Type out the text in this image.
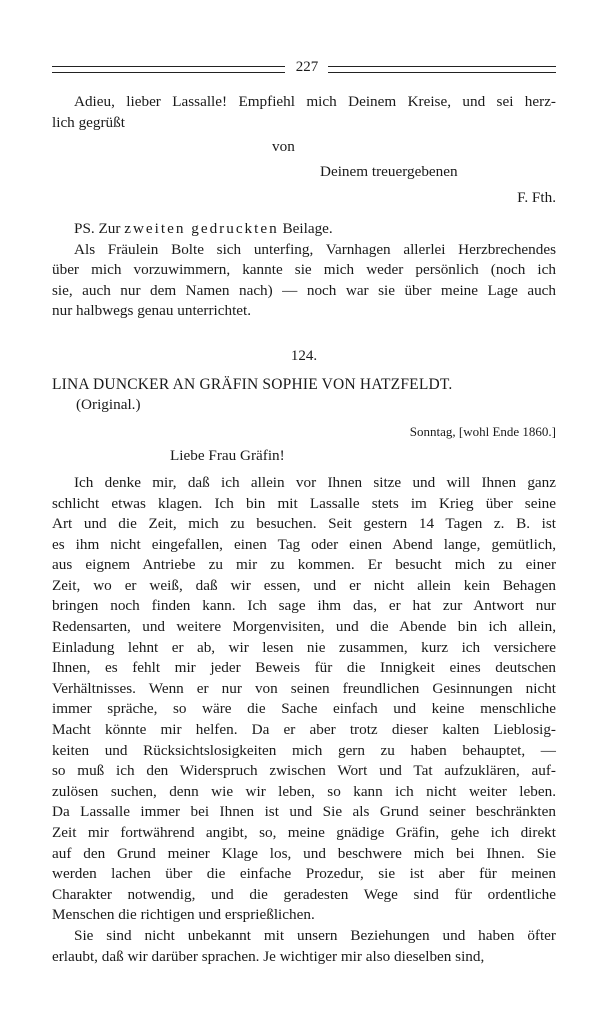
227
Adieu, lieber Lassalle! Empfiehl mich Deinem Kreise, und sei herz-
lich gegrüßt

von

Deinem treuergebenen

F. Fth.

PS. Zur zweiten gedruckten Beilage.
Als Fräulein Bolte sich unterfing, Varnhagen allerlei Herzbrechendes
über mich vorzuwimmern, kannte sie mich weder persönlich (noch ich
sie, auch nur dem Namen nach) — noch war sie über meine Lage auch
nur halbwegs genau unterrichtet.

124.

LINA DUNCKER AN GRÄFIN SOPHIE VON HATZFELDT.

(Original.)

Sonntag, [wohl Ende 1860.]

Liebe Frau Gräfin!

Ich denke mir, daß ich allein vor Ihnen sitze und will Ihnen ganz
schlicht etwas klagen. Ich bin mit Lassalle stets im Krieg über seine
Art und die Zeit, mich zu besuchen. Seit gestern 14 Tagen z. B. ist
es ihm nicht eingefallen, einen Tag oder einen Abend lange, gemütlich,
aus eignem Antriebe zu mir zu kommen. Er besucht mich zu einer
Zeit, wo er weiß, daß wir essen, und er nicht allein kein Behagen
bringen noch finden kann. Ich sage ihm das, er hat zur Antwort nur
Redensarten, und weitere Morgenvisiten, und die Abende bin ich allein,
Einladung lehnt er ab, wir lesen nie zusammen, kurz ich versichere
Ihnen, es fehlt mir jeder Beweis für die Innigkeit eines deutschen
Verhältnisses. Wenn er nur von seinen freundlichen Gesinnungen nicht
immer spräche, so wäre die Sache einfach und keine menschliche
Macht könnte mir helfen. Da er aber trotz dieser kalten Lieblosig-
keiten und Rücksichtslosigkeiten mich gern zu haben behauptet, —
so muß ich den Widerspruch zwischen Wort und Tat aufzuklären, auf-
zulösen suchen, denn wie wir leben, so kann ich nicht weiter leben.
Da Lassalle immer bei Ihnen ist und Sie als Grund seiner beschränkten
Zeit mir fortwährend angibt, so, meine gnädige Gräfin, gehe ich direkt
auf den Grund meiner Klage los, und beschwere mich bei Ihnen. Sie
werden lachen über die einfache Prozedur, sie ist aber für meinen
Charakter notwendig, und die geradesten Wege sind für ordentliche
Menschen die richtigen und ersprießlichen.
Sie sind nicht unbekannt mit unsern Beziehungen und haben öfter
erlaubt, daß wir darüber sprachen. Je wichtiger mir also dieselben sind,
